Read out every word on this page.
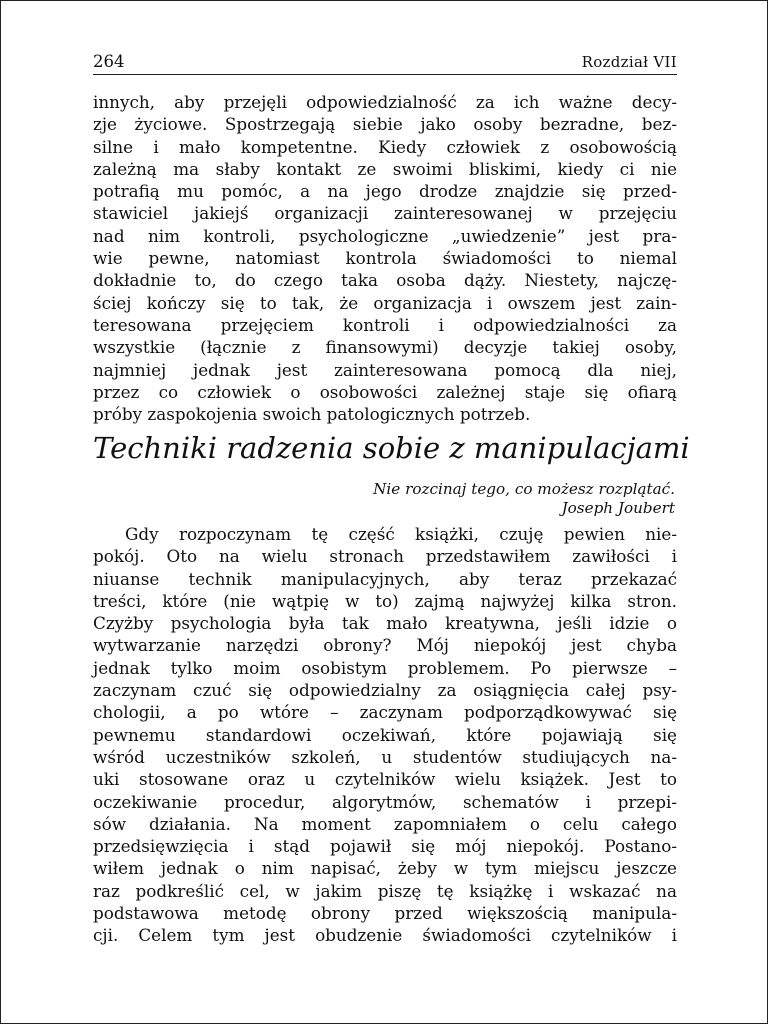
264	Rozdział VII
innych, aby przejęli odpowiedzialność za ich ważne decy-
zje życiowe. Spostrzegają siebie jako osoby bezradne, bez-
silne i mało kompetentne. Kiedy człowiek z osobowością
zależną ma słaby kontakt ze swoimi bliskimi, kiedy ci nie
potrafią mu pomóc, a na jego drodze znajdzie się przed-
stawiciel jakiejś organizacji zainteresowanej w przejęciu
nad nim kontroli, psychologiczne „uwiedzenie” jest pra-
wie pewne, natomiast kontrola świadomości to niemal
dokładnie to, do czego taka osoba dąży. Niestety, najczę-
ściej kończy się to tak, że organizacja i owszem jest zain-
teresowana przejęciem kontroli i odpowiedzialności za
wszystkie (łącznie z finansowymi) decyzje takiej osoby,
najmniej jednak jest zainteresowana pomocą dla niej,
przez co człowiek o osobowości zależnej staje się ofiarą
próby zaspokojenia swoich patologicznych potrzeb.
Techniki radzenia sobie z manipulacjami
Nie rozcinaj tego, co możesz rozplątać.
Joseph Joubert
Gdy rozpoczynam tę część książki, czuję pewien nie-
pokój. Oto na wielu stronach przedstawiłem zawiłości i
niuanse technik manipulacyjnych, aby teraz przekazać
treści, które (nie wątpię w to) zajmą najwyżej kilka stron.
Czyżby psychologia była tak mało kreatywna, jeśli idzie o
wytwarzanie narzędzi obrony? Mój niepokój jest chyba
jednak tylko moim osobistym problemem. Po pierwsze –
zaczynam czuć się odpowiedzialny za osiągnięcia całej psy-
chologii, a po wtóre – zaczynam podporządkowywać się
pewnemu standardowi oczekiwań, które pojawiają się
wśród uczestników szkoleń, u studentów studiujących na-
uki stosowane oraz u czytelników wielu książek. Jest to
oczekiwanie procedur, algorytmów, schematów i przepi-
sów działania. Na moment zapomniałem o celu całego
przedsięwzięcia i stąd pojawił się mój niepokój. Postano-
wiłem jednak o nim napisać, żeby w tym miejscu jeszcze
raz podkreślić cel, w jakim piszę tę książkę i wskazać na
podstawowa metodę obrony przed większością manipula-
cji. Celem tym jest obudzenie świadomości czytelników i
